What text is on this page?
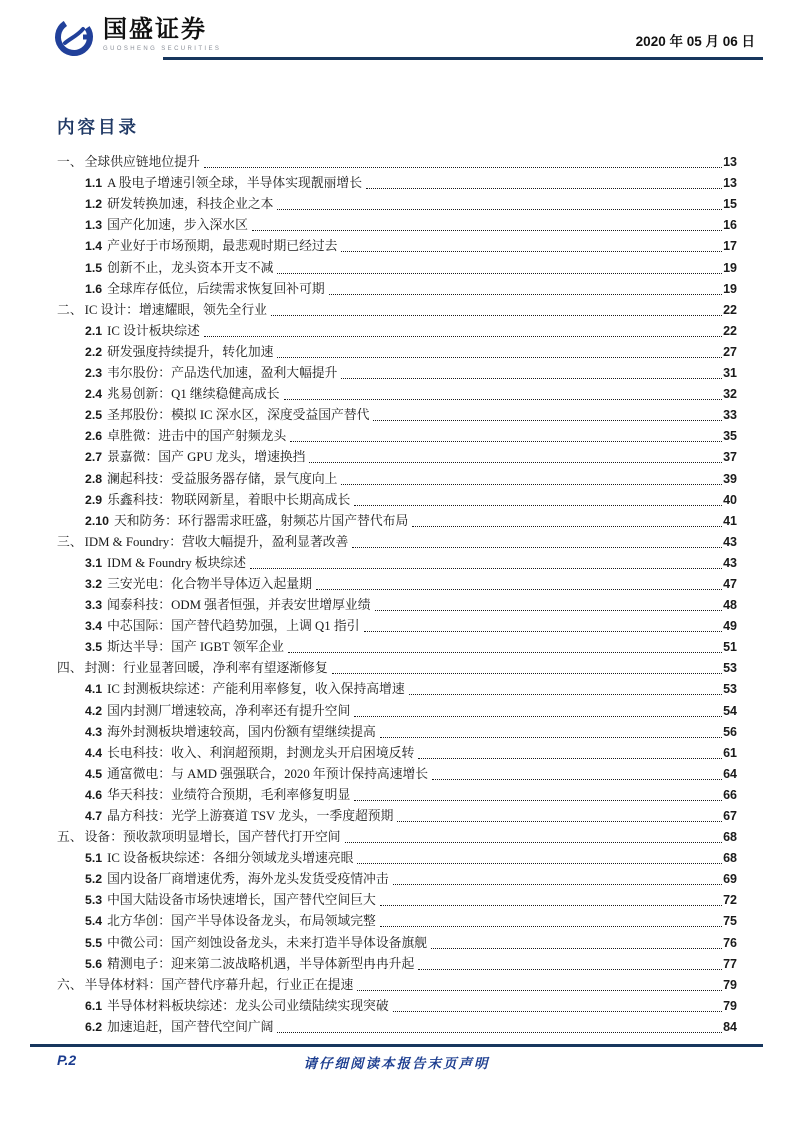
国盛证券
GUOSHENG SECURITIES	2020 年 05 月 06 日
内容目录
一、 全球供应链地位提升	13
1.1 A 股电子增速引领全球，半导体实现靓丽增长	13
1.2 研发转换加速，科技企业之本	15
1.3 国产化加速，步入深水区	16
1.4 产业好于市场预期，最悲观时期已经过去	17
1.5 创新不止，龙头资本开支不减	19
1.6 全球库存低位，后续需求恢复回补可期	19
二、 IC 设计：增速耀眼，领先全行业	22
2.1 IC 设计板块综述	22
2.2 研发强度持续提升，转化加速	27
2.3 韦尔股份：产品迭代加速，盈利大幅提升	31
2.4 兆易创新：Q1 继续稳健高成长	32
2.5 圣邦股份：模拟 IC 深水区，深度受益国产替代	33
2.6 卓胜微：进击中的国产射频龙头	35
2.7 景嘉微：国产 GPU 龙头，增速换挡	37
2.8 澜起科技：受益服务器存储，景气度向上	39
2.9 乐鑫科技：物联网新星，着眼中长期高成长	40
2.10 天和防务：环行器需求旺盛，射频芯片国产替代布局	41
三、 IDM & Foundry：营收大幅提升，盈利显著改善	43
3.1 IDM & Foundry 板块综述	43
3.2 三安光电：化合物半导体迈入起量期	47
3.3 闻泰科技：ODM 强者恒强，并表安世增厚业绩	48
3.4 中芯国际：国产替代趋势加强，上调 Q1 指引	49
3.5 斯达半导：国产 IGBT 领军企业	51
四、 封测：行业显著回暖，净利率有望逐渐修复	53
4.1 IC 封测板块综述：产能利用率修复，收入保持高增速	53
4.2 国内封测厂增速较高，净利率还有提升空间	54
4.3 海外封测板块增速较高，国内份额有望继续提高	56
4.4 长电科技：收入、利润超预期，封测龙头开启困境反转	61
4.5 通富微电：与 AMD 强强联合，2020 年预计保持高速增长	64
4.6 华天科技：业绩符合预期，毛利率修复明显	66
4.7 晶方科技：光学上游赛道 TSV 龙头，一季度超预期	67
五、 设备：预收款项明显增长，国产替代打开空间	68
5.1 IC 设备板块综述：各细分领域龙头增速亮眼	68
5.2 国内设备厂商增速优秀，海外龙头发货受疫情冲击	69
5.3 中国大陆设备市场快速增长，国产替代空间巨大	72
5.4 北方华创：国产半导体设备龙头，布局领域完整	75
5.5 中微公司：国产刻蚀设备龙头，未来打造半导体设备旗舰	76
5.6 精测电子：迎来第二波战略机遇，半导体新型冉冉升起	77
六、 半导体材料：国产替代序幕升起，行业正在提速	79
6.1 半导体材料板块综述：龙头公司业绩陆续实现突破	79
6.2 加速追赶，国产替代空间广阔	84
P.2	请仔细阅读本报告末页声明
